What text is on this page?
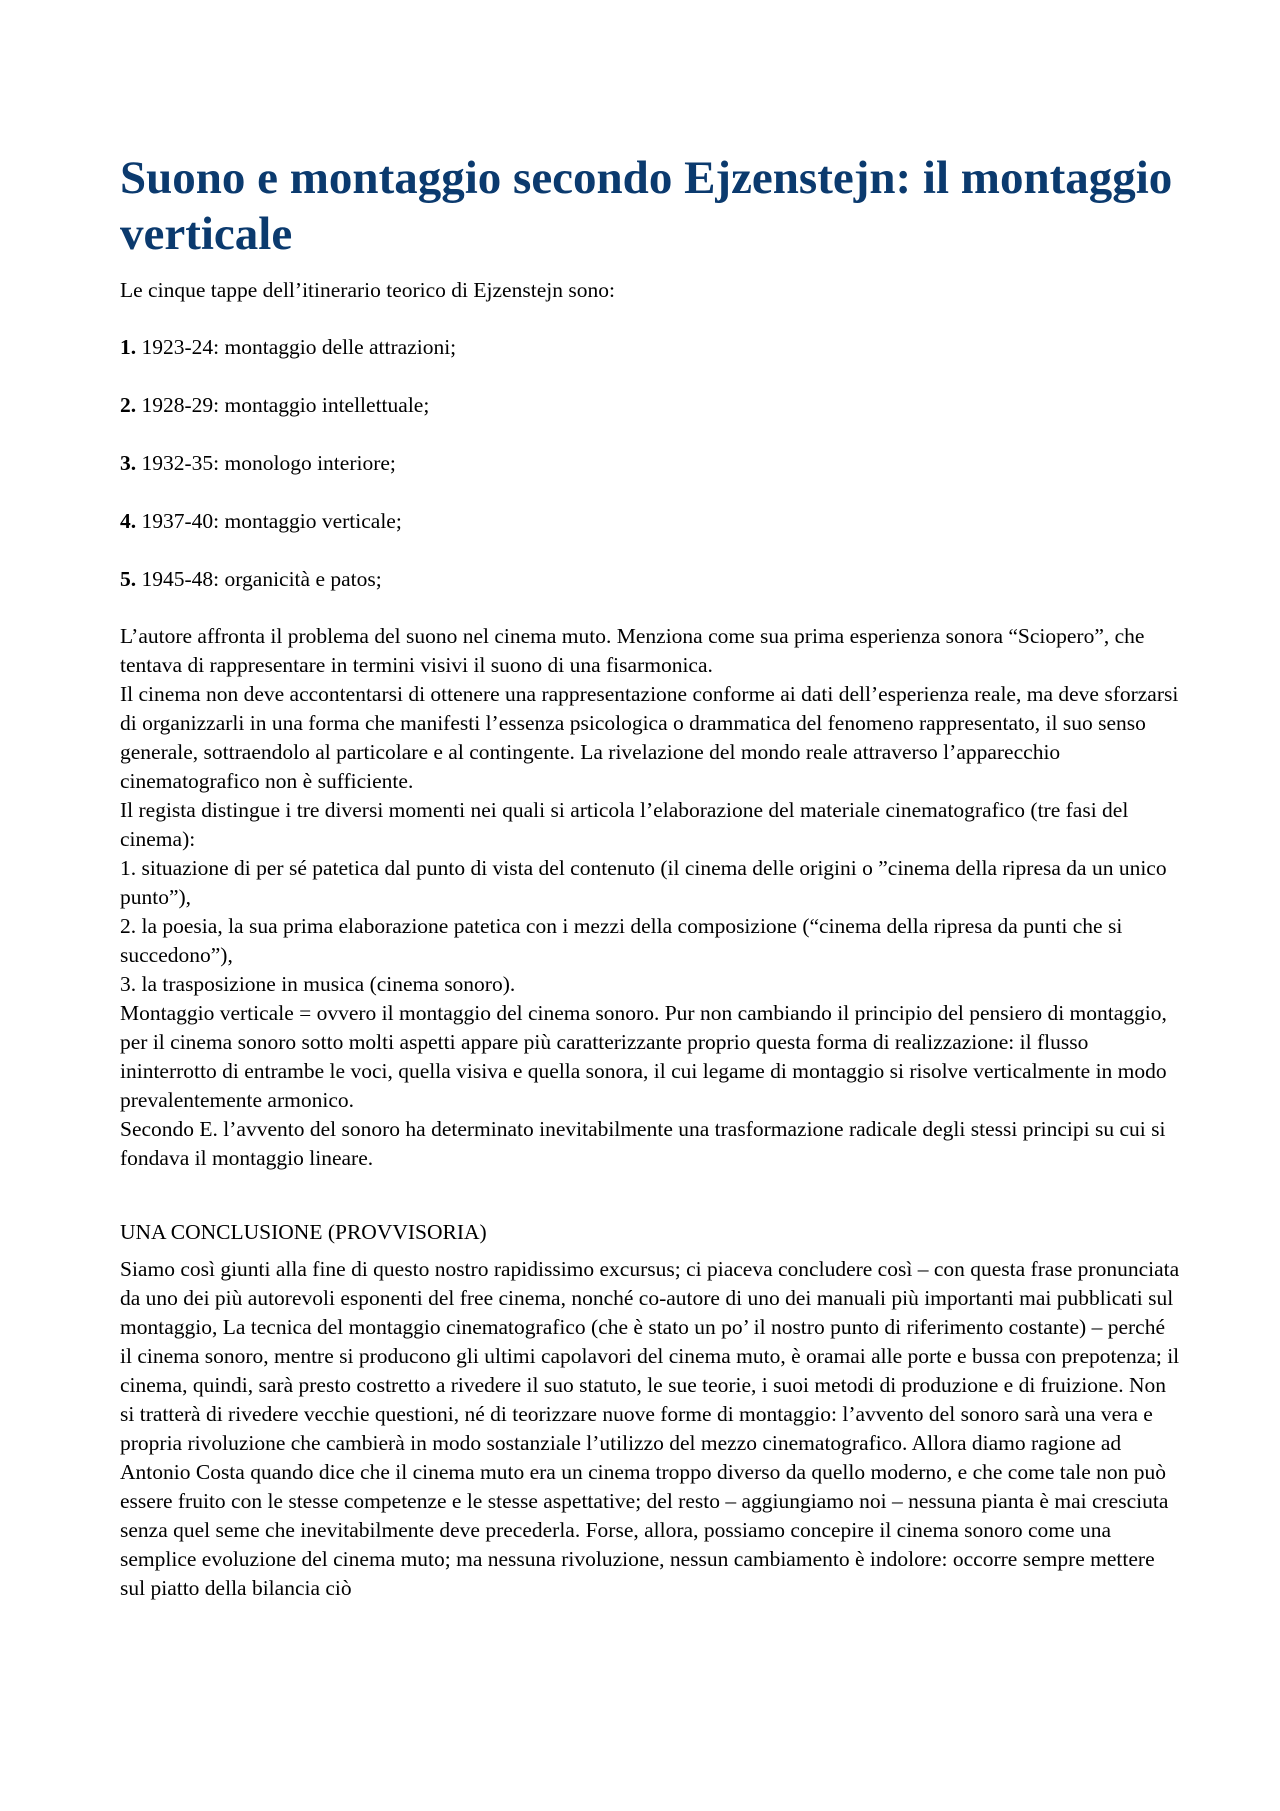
Suono e montaggio secondo Ejzenstejn: il montaggio verticale

Le cinque tappe dell’itinerario teorico di Ejzenstejn sono:

1. 1923-24: montaggio delle attrazioni;

2. 1928-29: montaggio intellettuale;

3. 1932-35: monologo interiore;

4. 1937-40: montaggio verticale;

5. 1945-48: organicità e patos;

L’autore affronta il problema del suono nel cinema muto. Menziona come sua prima esperienza sonora “Sciopero”, che tentava di rappresentare in termini visivi il suono di una fisarmonica.

Il cinema non deve accontentarsi di ottenere una rappresentazione conforme ai dati dell’esperienza reale, ma deve sforzarsi di organizzarli in una forma che manifesti l’essenza psicologica o drammatica del fenomeno rappresentato, il suo senso generale, sottraendolo al particolare e al contingente. La rivelazione del mondo reale attraverso l’apparecchio cinematografico non è sufficiente.

Il regista distingue i tre diversi momenti nei quali si articola l’elaborazione del materiale cinematografico (tre fasi del cinema):

1. situazione di per sé patetica dal punto di vista del contenuto (il cinema delle origini o ”cinema della ripresa da un unico punto”),

2. la poesia, la sua prima elaborazione patetica con i mezzi della composizione (“cinema della ripresa da punti che si succedono”),

3. la trasposizione in musica (cinema sonoro).

Montaggio verticale = ovvero il montaggio del cinema sonoro. Pur non cambiando il principio del pensiero di montaggio, per il cinema sonoro sotto molti aspetti appare più caratterizzante proprio questa forma di realizzazione: il flusso ininterrotto di entrambe le voci, quella visiva e quella sonora, il cui legame di montaggio si risolve verticalmente in modo prevalentemente armonico.

Secondo E. l’avvento del sonoro ha determinato inevitabilmente una trasformazione radicale degli stessi principi su cui si fondava il montaggio lineare.

UNA CONCLUSIONE (PROVVISORIA)

Siamo così giunti alla fine di questo nostro rapidissimo excursus; ci piaceva concludere così – con questa frase pronunciata da uno dei più autorevoli esponenti del free cinema, nonché co-autore di uno dei manuali più importanti mai pubblicati sul montaggio, La tecnica del montaggio cinematografico (che è stato un po’ il nostro punto di riferimento costante) – perché il cinema sonoro, mentre si producono gli ultimi capolavori del cinema muto, è oramai alle porte e bussa con prepotenza; il cinema, quindi, sarà presto costretto a rivedere il suo statuto, le sue teorie, i suoi metodi di produzione e di fruizione. Non si tratterà di rivedere vecchie questioni, né di teorizzare nuove forme di montaggio: l’avvento del sonoro sarà una vera e propria rivoluzione che cambierà in modo sostanziale l’utilizzo del mezzo cinematografico. Allora diamo ragione ad Antonio Costa quando dice che il cinema muto era un cinema troppo diverso da quello moderno, e che come tale non può essere fruito con le stesse competenze e le stesse aspettative; del resto – aggiungiamo noi – nessuna pianta è mai cresciuta senza quel seme che inevitabilmente deve precederla. Forse, allora, possiamo concepire il cinema sonoro come una semplice evoluzione del cinema muto; ma nessuna rivoluzione, nessun cambiamento è indolore: occorre sempre mettere sul piatto della bilancia ciò
